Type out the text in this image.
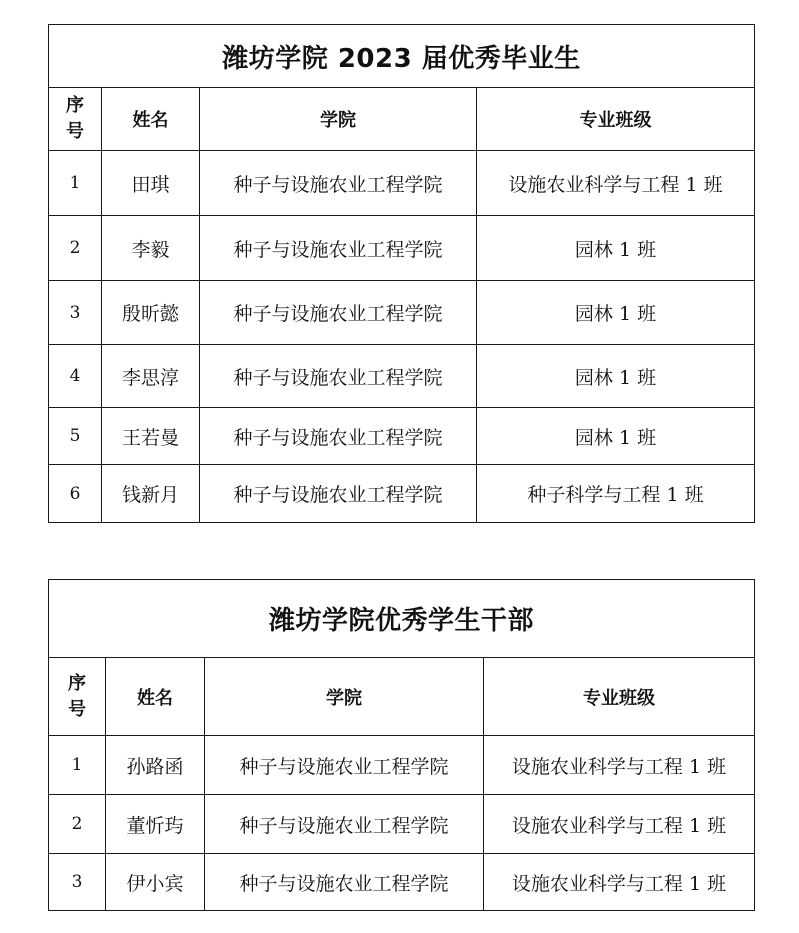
潍坊学院 2023 届优秀毕业生			
序号	姓名	学院	专业班级
1	田琪	种子与设施农业工程学院	设施农业科学与工程 1 班
2	李毅	种子与设施农业工程学院	园林 1 班
3	殷昕懿	种子与设施农业工程学院	园林 1 班
4	李思淳	种子与设施农业工程学院	园林 1 班
5	王若曼	种子与设施农业工程学院	园林 1 班
6	钱新月	种子与设施农业工程学院	种子科学与工程 1 班
潍坊学院优秀学生干部			
序号	姓名	学院	专业班级
1	孙路函	种子与设施农业工程学院	设施农业科学与工程 1 班
2	董忻玙	种子与设施农业工程学院	设施农业科学与工程 1 班
3	伊小宾	种子与设施农业工程学院	设施农业科学与工程 1 班
